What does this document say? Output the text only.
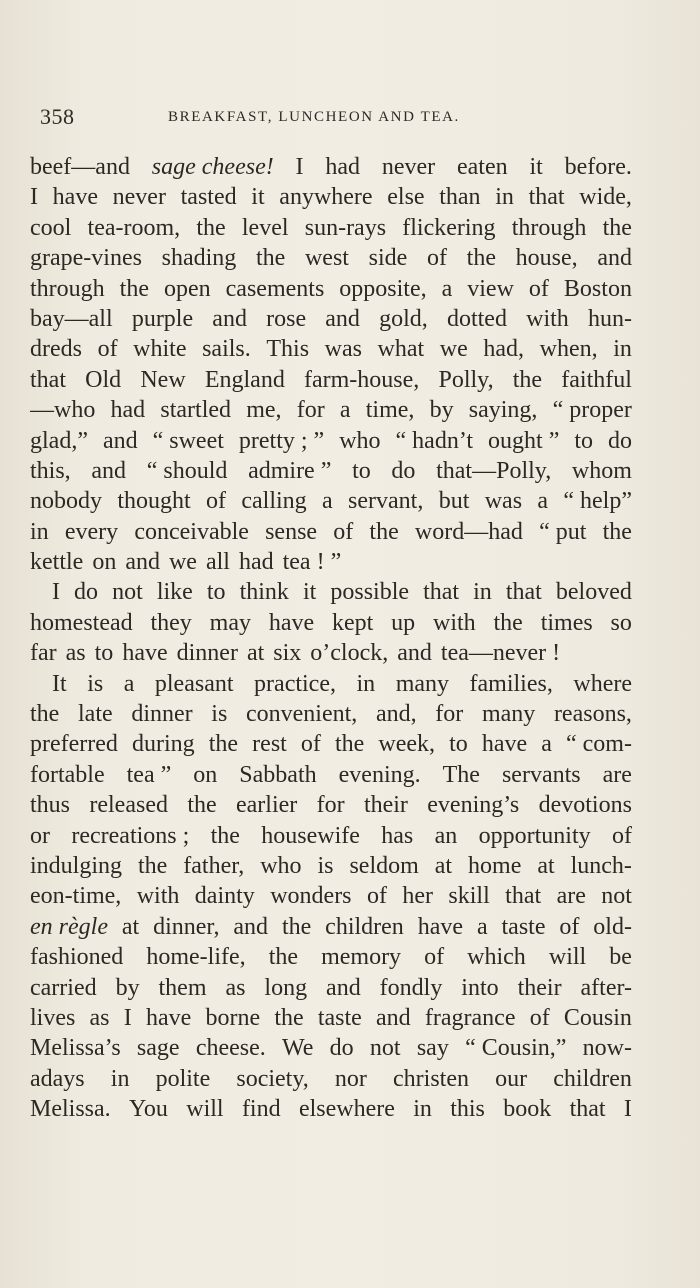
358	BREAKFAST, LUNCHEON AND TEA.
beef—and sage cheese! I had never eaten it before.
I have never tasted it anywhere else than in that wide,
cool tea-room, the level sun-rays flickering through the
grape-vines shading the west side of the house, and
through the open casements opposite, a view of Boston
bay—all purple and rose and gold, dotted with hun-
dreds of white sails. This was what we had, when, in
that Old New England farm-house, Polly, the faithful
—who had startled me, for a time, by saying, “ proper
glad,” and “ sweet pretty ; ” who “ hadn’t ought ” to do
this, and “ should admire ” to do that—Polly, whom
nobody thought of calling a servant, but was a “ help”
in every conceivable sense of the word—had “ put the
kettle on and we all had tea ! ”
I do not like to think it possible that in that beloved
homestead they may have kept up with the times so
far as to have dinner at six o’clock, and tea—never !
It is a pleasant practice, in many families, where
the late dinner is convenient, and, for many reasons,
preferred during the rest of the week, to have a “ com-
fortable tea ” on Sabbath evening. The servants are
thus released the earlier for their evening’s devotions
or recreations ; the housewife has an opportunity of
indulging the father, who is seldom at home at lunch-
eon-time, with dainty wonders of her skill that are not
en règle at dinner, and the children have a taste of old-
fashioned home-life, the memory of which will be
carried by them as long and fondly into their after-
lives as I have borne the taste and fragrance of Cousin
Melissa’s sage cheese. We do not say “ Cousin,” now-
adays in polite society, nor christen our children
Melissa. You will find elsewhere in this book that I
